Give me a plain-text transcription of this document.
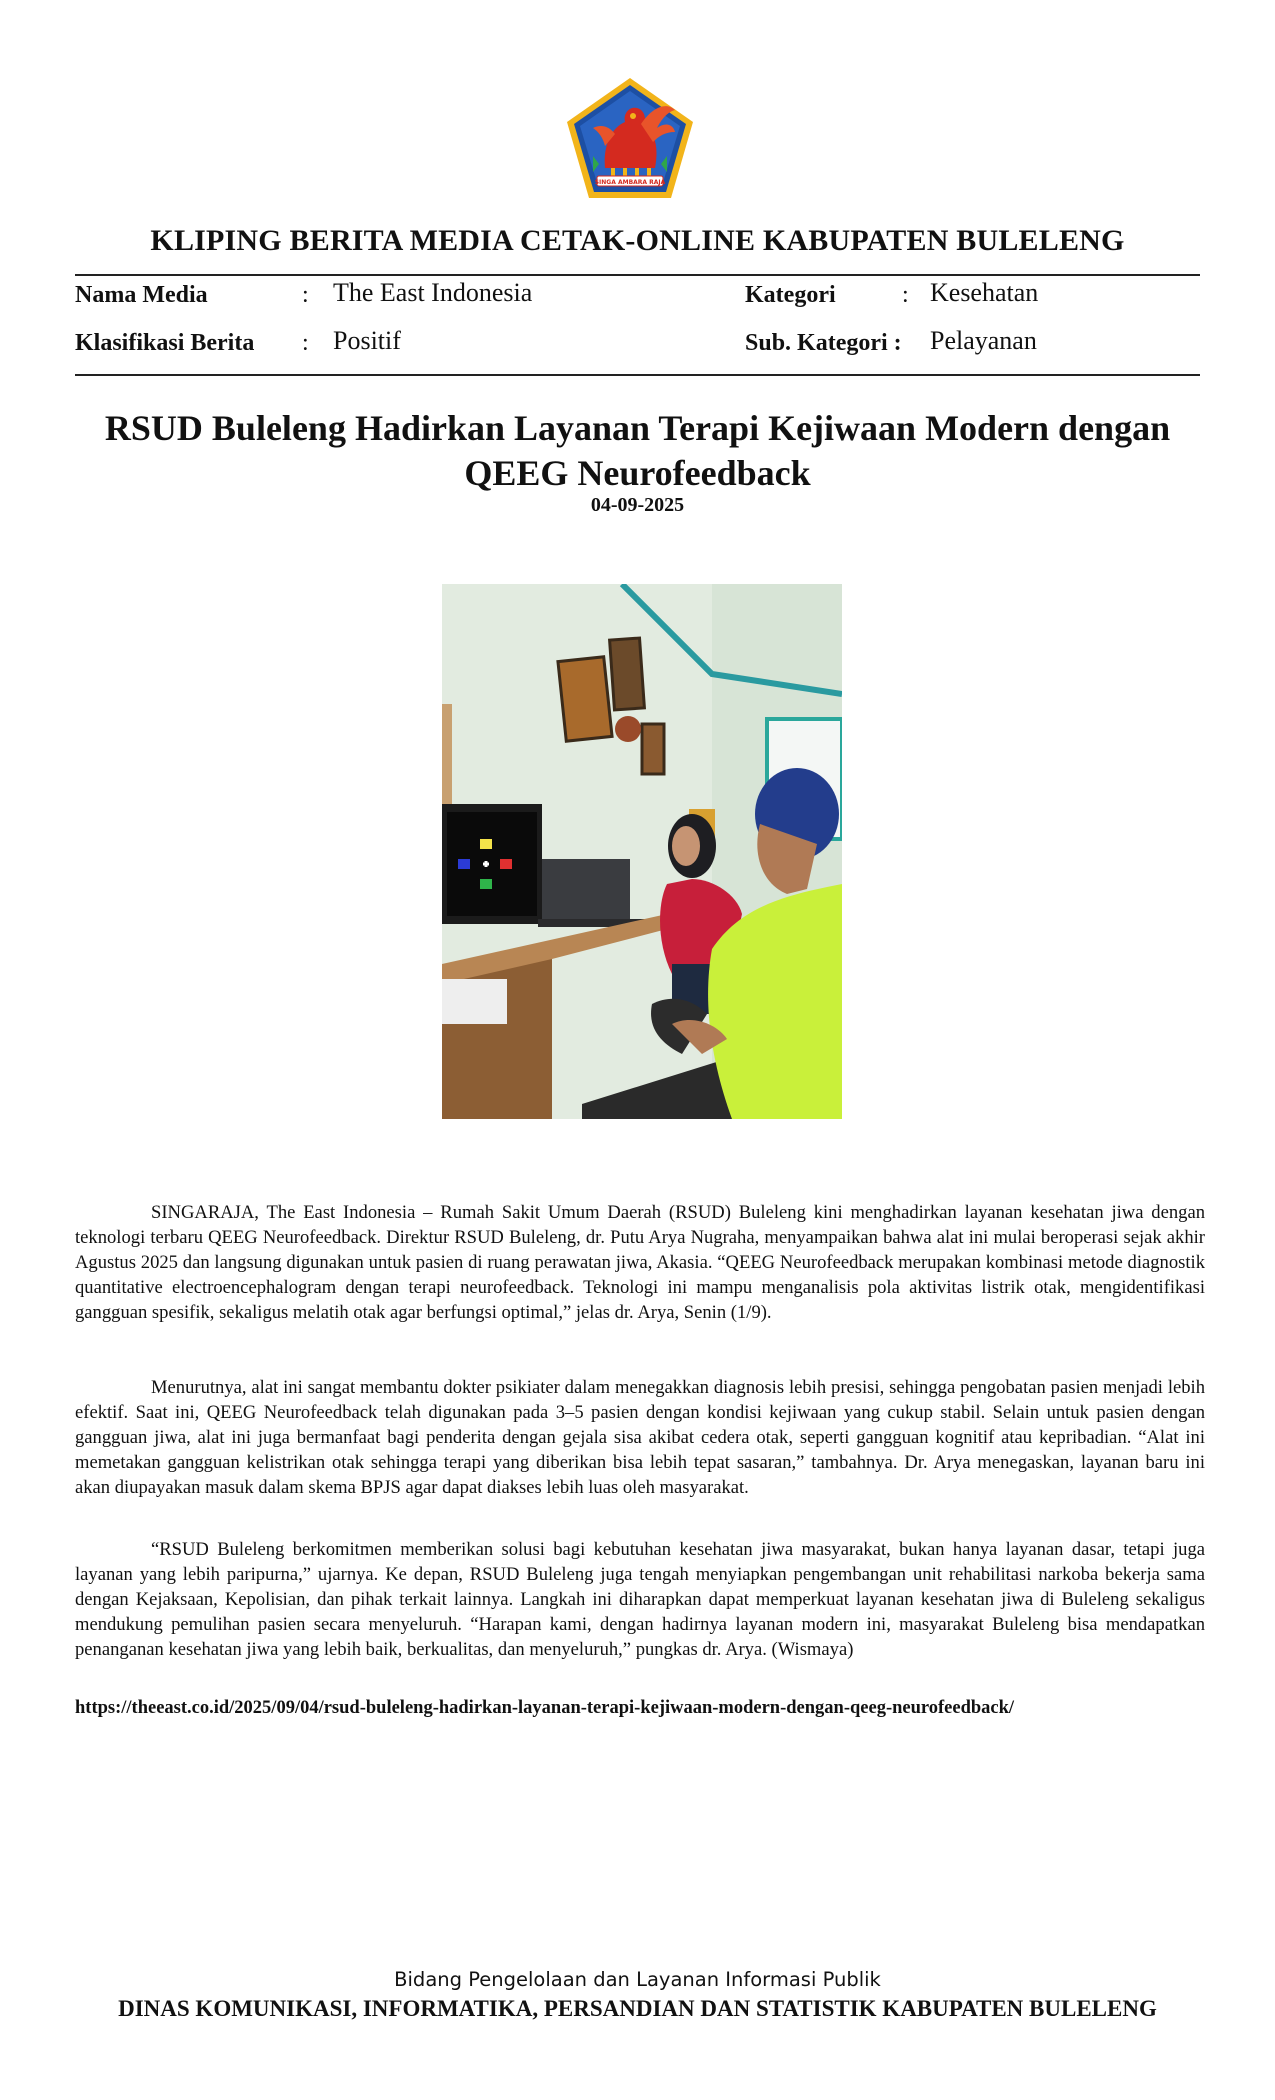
SINGA AMBARA RAJA
KLIPING BERITA MEDIA CETAK-ONLINE KABUPATEN BULELENG
Nama Media	: The East Indonesia	Kategori	: Kesehatan
Klasifikasi Berita : Positif	Sub. Kategori : Pelayanan
RSUD Buleleng Hadirkan Layanan Terapi Kejiwaan Modern dengan QEEG Neurofeedback
04-09-2025

SINGARAJA, The East Indonesia – Rumah Sakit Umum Daerah (RSUD) Buleleng kini menghadirkan layanan kesehatan jiwa dengan teknologi terbaru QEEG Neurofeedback. Direktur RSUD Buleleng, dr. Putu Arya Nugraha, menyampaikan bahwa alat ini mulai beroperasi sejak akhir Agustus 2025 dan langsung digunakan untuk pasien di ruang perawatan jiwa, Akasia. “QEEG Neurofeedback merupakan kombinasi metode diagnostik quantitative electroencephalogram dengan terapi neurofeedback. Teknologi ini mampu menganalisis pola aktivitas listrik otak, mengidentifikasi gangguan spesifik, sekaligus melatih otak agar berfungsi optimal,” jelas dr. Arya, Senin (1/9).

Menurutnya, alat ini sangat membantu dokter psikiater dalam menegakkan diagnosis lebih presisi, sehingga pengobatan pasien menjadi lebih efektif. Saat ini, QEEG Neurofeedback telah digunakan pada 3–5 pasien dengan kondisi kejiwaan yang cukup stabil. Selain untuk pasien dengan gangguan jiwa, alat ini juga bermanfaat bagi penderita dengan gejala sisa akibat cedera otak, seperti gangguan kognitif atau kepribadian. “Alat ini memetakan gangguan kelistrikan otak sehingga terapi yang diberikan bisa lebih tepat sasaran,” tambahnya. Dr. Arya menegaskan, layanan baru ini akan diupayakan masuk dalam skema BPJS agar dapat diakses lebih luas oleh masyarakat.

“RSUD Buleleng berkomitmen memberikan solusi bagi kebutuhan kesehatan jiwa masyarakat, bukan hanya layanan dasar, tetapi juga layanan yang lebih paripurna,” ujarnya. Ke depan, RSUD Buleleng juga tengah menyiapkan pengembangan unit rehabilitasi narkoba bekerja sama dengan Kejaksaan, Kepolisian, dan pihak terkait lainnya. Langkah ini diharapkan dapat memperkuat layanan kesehatan jiwa di Buleleng sekaligus mendukung pemulihan pasien secara menyeluruh. “Harapan kami, dengan hadirnya layanan modern ini, masyarakat Buleleng bisa mendapatkan penanganan kesehatan jiwa yang lebih baik, berkualitas, dan menyeluruh,” pungkas dr. Arya. (Wismaya)

https://theeast.co.id/2025/09/04/rsud-buleleng-hadirkan-layanan-terapi-kejiwaan-modern-dengan-qeeg-neurofeedback/
Bidang Pengelolaan dan Layanan Informasi Publik
DINAS KOMUNIKASI, INFORMATIKA, PERSANDIAN DAN STATISTIK KABUPATEN BULELENG
